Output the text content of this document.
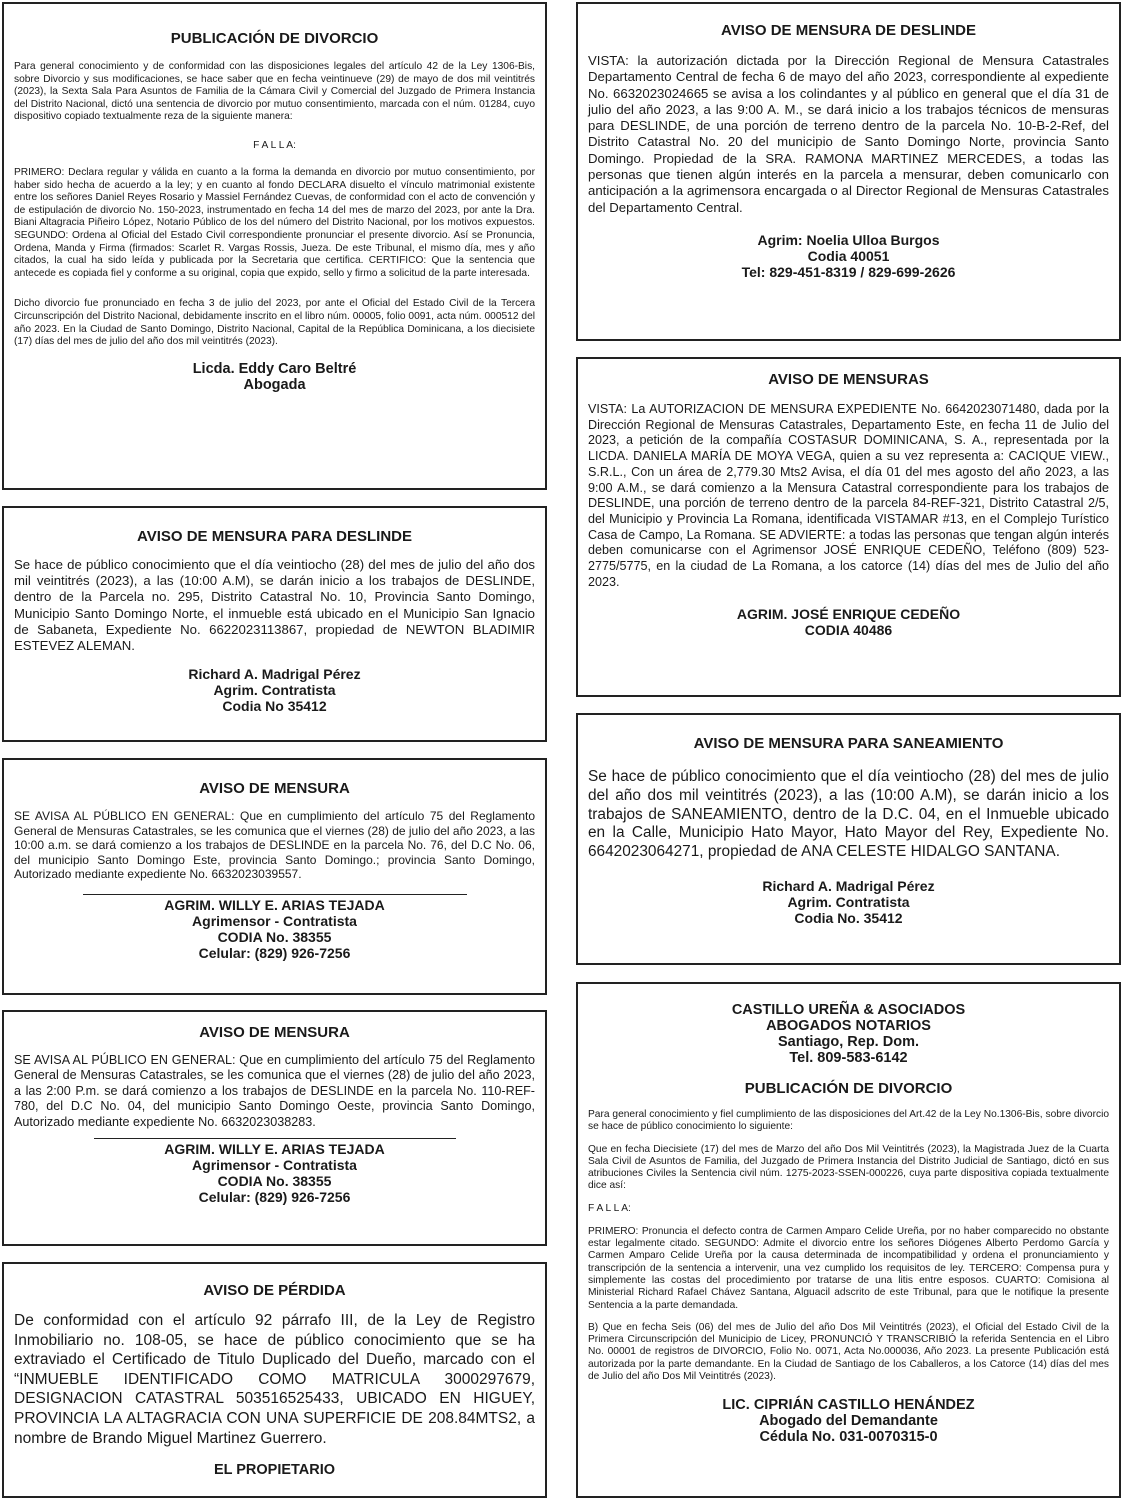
PUBLICACIÓN DE DIVORCIO

Para general conocimiento y de conformidad con las disposiciones legales del artículo 42 de la Ley 1306-Bis, sobre Divorcio y sus modificaciones, se hace saber que en fecha veintinueve (29) de mayo de dos mil veintitrés (2023), la Sexta Sala Para Asuntos de Familia de la Cámara Civil y Comercial del Juzgado de Primera Instancia del Distrito Nacional, dictó una sentencia de divorcio por mutuo consentimiento, marcada con el núm. 01284, cuyo dispositivo copiado textualmente reza de la siguiente manera:

F A L L A:

PRIMERO: Declara regular y válida en cuanto a la forma la demanda en divorcio por mutuo consentimiento, por haber sido hecha de acuerdo a la ley; y en cuanto al fondo DECLARA disuelto el vínculo matrimonial existente entre los señores Daniel Reyes Rosario y Massiel Fernández Cuevas, de conformidad con el acto de convención y de estipulación de divorcio No. 150-2023, instrumentado en fecha 14 del mes de marzo del 2023, por ante la Dra. Biani Altagracia Piñeiro López, Notario Público de los del número del Distrito Nacional, por los motivos expuestos. SEGUNDO: Ordena al Oficial del Estado Civil correspondiente pronunciar el presente divorcio. Así se Pronuncia, Ordena, Manda y Firma (firmados: Scarlet R. Vargas Rossis, Jueza. De este Tribunal, el mismo día, mes y año citados, la cual ha sido leída y publicada por la Secretaria que certifica. CERTIFICO: Que la sentencia que antecede es copiada fiel y conforme a su original, copia que expido, sello y firmo a solicitud de la parte interesada.

Dicho divorcio fue pronunciado en fecha 3 de julio del 2023, por ante el Oficial del Estado Civil de la Tercera Circunscripción del Distrito Nacional, debidamente inscrito en el libro núm. 00005, folio 0091, acta núm. 000512 del año 2023. En la Ciudad de Santo Domingo, Distrito Nacional, Capital de la República Dominicana, a los diecisiete (17) días del mes de julio del año dos mil veintitrés (2023).

Licda. Eddy Caro Beltré
Abogada
AVISO DE MENSURA PARA DESLINDE

Se hace de público conocimiento que el día veintiocho (28) del mes de julio del año dos mil veintitrés (2023), a las (10:00 A.M), se darán inicio a los trabajos de DESLINDE, dentro de la Parcela no. 295, Distrito Catastral No. 10, Provincia Santo Domingo, Municipio Santo Domingo Norte, el inmueble está ubicado en el Municipio San Ignacio de Sabaneta, Expediente No. 6622023113867, propiedad de NEWTON BLADIMIR ESTEVEZ ALEMAN.

Richard A. Madrigal Pérez
Agrim. Contratista
Codia No 35412
AVISO DE MENSURA

SE AVISA AL PÚBLICO EN GENERAL: Que en cumplimiento del artículo 75 del Reglamento General de Mensuras Catastrales, se les comunica que el viernes (28) de julio del año 2023, a las 10:00 a.m. se dará comienzo a los trabajos de DESLINDE en la parcela No. 76, del D.C No. 06, del municipio Santo Domingo Este, provincia Santo Domingo.; provincia Santo Domingo, Autorizado mediante expediente No. 6632023039557.

AGRIM. WILLY E. ARIAS TEJADA
Agrimensor - Contratista
CODIA No. 38355
Celular: (829) 926-7256
AVISO DE MENSURA

SE AVISA AL PÚBLICO EN GENERAL: Que en cumplimiento del artículo 75 del Reglamento General de Mensuras Catastrales, se les comunica que el viernes (28) de julio del año 2023, a las 2:00 P.m. se dará comienzo a los trabajos de DESLINDE en la parcela No. 110-REF-780, del D.C No. 04, del municipio Santo Domingo Oeste, provincia Santo Domingo, Autorizado mediante expediente No. 6632023038283.

AGRIM. WILLY E. ARIAS TEJADA
Agrimensor - Contratista
CODIA No. 38355
Celular: (829) 926-7256
AVISO DE PÉRDIDA

De conformidad con el artículo 92 párrafo III, de la Ley de Registro Inmobiliario no. 108-05, se hace de público conocimiento que se ha extraviado el Certificado de Titulo Duplicado del Dueño, marcado con el “INMUEBLE IDENTIFICADO COMO MATRICULA 3000297679, DESIGNACION CATASTRAL 503516525433, UBICADO EN HIGUEY, PROVINCIA LA ALTAGRACIA CON UNA SUPERFICIE DE 208.84MTS2, a nombre de Brando Miguel Martinez Guerrero.

EL PROPIETARIO
AVISO DE MENSURA DE DESLINDE

VISTA: la autorización dictada por la Dirección Regional de Mensura Catastrales Departamento Central de fecha 6 de mayo del año 2023, correspondiente al expediente No. 6632023024665 se avisa a los colindantes y al público en general que el día 31 de julio del año 2023, a las 9:00 A. M., se dará inicio a los trabajos técnicos de mensuras para DESLINDE, de una porción de terreno dentro de la parcela No. 10-B-2-Ref, del Distrito Catastral No. 20 del municipio de Santo Domingo Norte, provincia Santo Domingo. Propiedad de la SRA. RAMONA MARTINEZ MERCEDES, a todas las personas que tienen algún interés en la parcela a mensurar, deben comunicarlo con anticipación a la agrimensora encargada o al Director Regional de Mensuras Catastrales del Departamento Central.

Agrim: Noelia Ulloa Burgos
Codia 40051
Tel: 829-451-8319 / 829-699-2626
AVISO DE MENSURAS

VISTA: La AUTORIZACION DE MENSURA EXPEDIENTE No. 6642023071480, dada por la Dirección Regional de Mensuras Catastrales, Departamento Este, en fecha 11 de Julio del 2023, a petición de la compañía COSTASUR DOMINICANA, S. A., representada por la LICDA. DANIELA MARÍA DE MOYA VEGA, quien a su vez representa a: CACIQUE VIEW., S.R.L., Con un área de 2,779.30 Mts2 Avisa, el día 01 del mes agosto del año 2023, a las 9:00 A.M., se dará comienzo a la Mensura Catastral correspondiente para los trabajos de DESLINDE, una porción de terreno dentro de la parcela 84-REF-321, Distrito Catastral 2/5, del Municipio y Provincia La Romana, identificada VISTAMAR #13, en el Complejo Turístico Casa de Campo, La Romana. SE ADVIERTE: a todas las personas que tengan algún interés deben comunicarse con el Agrimensor JOSÉ ENRIQUE CEDEÑO, Teléfono (809) 523-2775/5775, en la ciudad de La Romana, a los catorce (14) días del mes de Julio del año 2023.

AGRIM. JOSÉ ENRIQUE CEDEÑO
CODIA 40486
AVISO DE MENSURA PARA SANEAMIENTO

Se hace de público conocimiento que el día veintiocho (28) del mes de julio del año dos mil veintitrés (2023), a las (10:00 A.M), se darán inicio a los trabajos de SANEAMIENTO, dentro de la D.C. 04, en el Inmueble ubicado en la Calle, Municipio Hato Mayor, Hato Mayor del Rey, Expediente No. 6642023064271, propiedad de ANA CELESTE HIDALGO SANTANA.

Richard A. Madrigal Pérez
Agrim. Contratista
Codia No. 35412
CASTILLO UREÑA & ASOCIADOS
ABOGADOS NOTARIOS
Santiago, Rep. Dom.
Tel. 809-583-6142
PUBLICACIÓN DE DIVORCIO

Para general conocimiento y fiel cumplimiento de las disposiciones del Art.42 de la Ley No.1306-Bis, sobre divorcio se hace de público conocimiento lo siguiente:

Que en fecha Diecisiete (17) del mes de Marzo del año Dos Mil Veintitrés (2023), la Magistrada Juez de la Cuarta Sala Civil de Asuntos de Familia, del Juzgado de Primera Instancia del Distrito Judicial de Santiago, dictó en sus atribuciones Civiles la Sentencia civil núm. 1275-2023-SSEN-000226, cuya parte dispositiva copiada textualmente dice así:

F A L L A:

PRIMERO: Pronuncia el defecto contra de Carmen Amparo Celide Ureña, por no haber comparecido no obstante estar legalmente citado. SEGUNDO: Admite el divorcio entre los señores Diógenes Alberto Perdomo García y Carmen Amparo Celide Ureña por la causa determinada de incompatibilidad y ordena el pronunciamiento y transcripción de la sentencia a intervenir, una vez cumplido los requisitos de ley. TERCERO: Compensa pura y simplemente las costas del procedimiento por tratarse de una litis entre esposos. CUARTO: Comisiona al Ministerial Richard Rafael Chávez Santana, Alguacil adscrito de este Tribunal, para que le notifique la presente Sentencia a la parte demandada.

B) Que en fecha Seis (06) del mes de Julio del año Dos Mil Veintitrés (2023), el Oficial del Estado Civil de la Primera Circunscripción del Municipio de Licey, PRONUNCIÓ Y TRANSCRIBIÓ la referida Sentencia en el Libro No. 00001 de registros de DIVORCIO, Folio No. 0071, Acta No.000036, Año 2023. La presente Publicación está autorizada por la parte demandante. En la Ciudad de Santiago de los Caballeros, a los Catorce (14) días del mes de Julio del año Dos Mil Veintitrés (2023).

LIC. CIPRIÁN CASTILLO HENÁNDEZ
Abogado del Demandante
Cédula No. 031-0070315-0
